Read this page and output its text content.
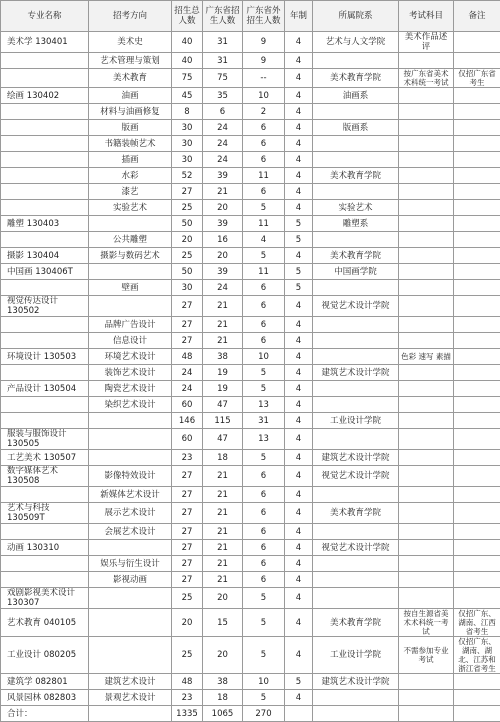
专业名称	招考方向	招生总人数	广东省招生人数	广东省外招生人数	年制	所属院系	考试科目	备注
美术学 130401	美术史	40	31	9	4	艺术与人文学院	美术作品述评	
	艺术管理与策划	40	31	9	4			
	美术教育	75	75	--	4	美术教育学院	按广东省美术术科统一考试	仅招广东省考生
绘画 130402	油画	45	35	10	4	油画系		
	材料与油画修复	8	6	2	4			
	版画	30	24	6	4	版画系		
	书籍装帧艺术	30	24	6	4			
	插画	30	24	6	4			
	水彩	52	39	11	4	美术教育学院		
	漆艺	27	21	6	4			
	实验艺术	25	20	5	4	实验艺术		
雕塑 130403		50	39	11	5	雕塑系		
	公共雕塑	20	16	4	5			
摄影 130404	摄影与数码艺术	25	20	5	4	美术教育学院		
中国画 130406T		50	39	11	5	中国画学院		
	壁画	30	24	6	5			
视觉传达设计 130502		27	21	6	4	视觉艺术设计学院		
	品牌广告设计	27	21	6	4			
	信息设计	27	21	6	4			
环境设计 130503	环境艺术设计	48	38	10	4		色彩 速写 素描	
	装饰艺术设计	24	19	5	4	建筑艺术设计学院		
产品设计 130504	陶瓷艺术设计	24	19	5	4			
	染织艺术设计	60	47	13	4			
		146	115	31	4	工业设计学院		
服装与服饰设计 130505		60	47	13	4			
工艺美术 130507		23	18	5	4	建筑艺术设计学院		
数字媒体艺术 130508	影像特效设计	27	21	6	4	视觉艺术设计学院		
	新媒体艺术设计	27	21	6	4			
艺术与科技 130509T	展示艺术设计	27	21	6	4	美术教育学院		
	会展艺术设计	27	21	6	4			
动画 130310		27	21	6	4	视觉艺术设计学院		
	娱乐与衍生设计	27	21	6	4			
	影视动画	27	21	6	4			
戏剧影视美术设计 130307		25	20	5	4			
艺术教育 040105		20	15	5	4	美术教育学院	按自生源省美术术科统一考试	仅招广东、湖南、江西省考生
工业设计 080205		25	20	5	4	工业设计学院	不需参加专业考试	仅招广东、湖南、湖北、江苏和浙江省考生
建筑学 082801	建筑艺术设计	48	38	10	5	建筑艺术设计学院		
风景园林 082803	景观艺术设计	23	18	5	4			
合计：		1335	1065	270				
